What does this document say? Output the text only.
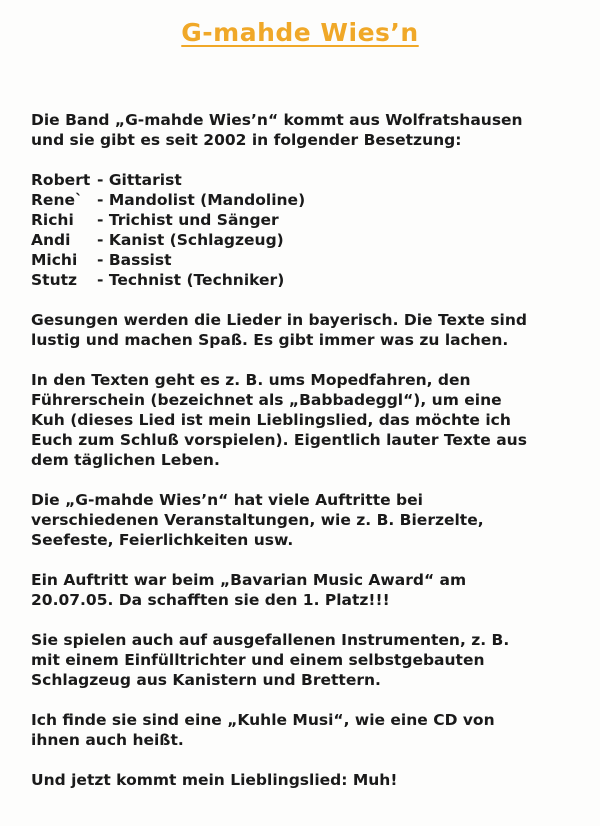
G-mahde Wies’n
Die Band „G-mahde Wies’n“ kommt aus Wolfratshausen
und sie gibt es seit 2002 in folgender Besetzung:
Robert - Gittarist
Rene` - Mandolist (Mandoline)
Richi	- Trichist und Sänger
Andi	- Kanist (Schlagzeug)
Michi	- Bassist
Stutz	- Technist (Techniker)
Gesungen werden die Lieder in bayerisch. Die Texte sind
lustig und machen Spaß. Es gibt immer was zu lachen.
In den Texten geht es z. B. ums Mopedfahren, den
Führerschein (bezeichnet als „Babbadeggl“), um eine
Kuh (dieses Lied ist mein Lieblingslied, das möchte ich
Euch zum Schluß vorspielen). Eigentlich lauter Texte aus
dem täglichen Leben.
Die „G-mahde Wies’n“ hat viele Auftritte bei
verschiedenen Veranstaltungen, wie z. B. Bierzelte,
Seefeste, Feierlichkeiten usw.
Ein Auftritt war beim „Bavarian Music Award“ am
20.07.05. Da schafften sie den 1. Platz!!!
Sie spielen auch auf ausgefallenen Instrumenten, z. B.
mit einem Einfülltrichter und einem selbstgebauten
Schlagzeug aus Kanistern und Brettern.
Ich finde sie sind eine „Kuhle Musi“, wie eine CD von
ihnen auch heißt.
Und jetzt kommt mein Lieblingslied: Muh!
